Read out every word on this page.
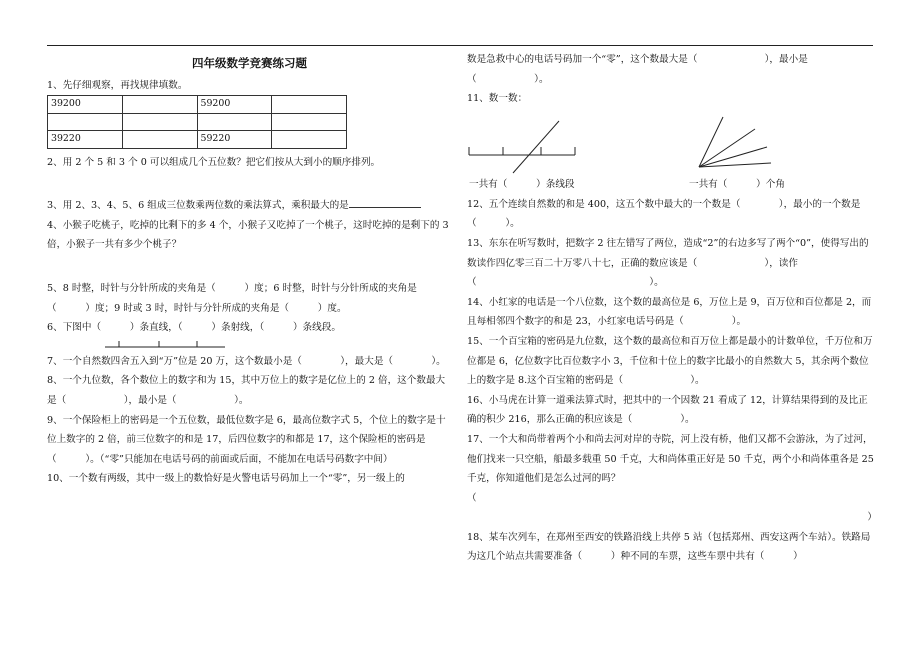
四年级数学竞赛练习题

1、先仔细观察，再找规律填数。

39200		59200	

39220		59220	

2、用 2 个 5 和 3 个 0 可以组成几个五位数？把它们按从大到小的顺序排列。

3、用 2、3、4、5、6 组成三位数乘两位数的乘法算式，乘积最大的是

4、小猴子吃桃子，吃掉的比剩下的多 4 个，小猴子又吃掉了一个桃子，这时吃掉的是剩下的 3 倍，小猴子一共有多少个桃子？

5、8 时整，时针与分针所成的夹角是（　　　）度；6 时整，时针与分针所成的夹角是（　　　）度；9 时或 3 时，时针与分针所成的夹角是（　　　）度。

6、下图中（　　　）条直线，（　　　）条射线，（　　　）条线段。

7、一个自然数四舍五入到“万”位是 20 万，这个数最小是（　　　　），最大是（　　　　）。

8、一个九位数，各个数位上的数字和为 15，其中万位上的数字是亿位上的 2 倍，这个数最大是（　　　　　　），最小是（　　　　　　）。

9、一个保险柜上的密码是一个五位数，最低位数字是 6，最高位数字式 5，个位上的数字是十位上数字的 2 倍，前三位数字的和是 17，后四位数字的和都是 17，这个保险柜的密码是（　　　）。（“零”只能加在电话号码的前面或后面，不能加在电话号码数字中间）

10、一个数有两级，其中一级上的数恰好是火警电话号码加上一个“零”，另一级上的

数是急救中心的电话号码加一个“零”，这个数最大是（　　　　　　　），最小是（　　　　　　）。

11、数一数：

一共有（　　　）条线段	一共有（　　　）个角

12、五个连续自然数的和是 400，这五个数中最大的一个数是（　　　　），最小的一个数是（　　　）。

13、东东在听写数时，把数字 2 往左错写了两位，造成“2”的右边多写了两个“0”，使得写出的数读作四亿零三百二十万零八十七，正确的数应该是（　　　　　　　），读作（　　　　　　　　　　　　　　　　　　）。

14、小红家的电话是一个八位数，这个数的最高位是 6，万位上是 9，百万位和百位都是 2，而且每相邻四个数字的和是 23，小红家电话号码是（　　　　　）。

15、一个百宝箱的密码是九位数，这个数的最高位和百万位上都是最小的计数单位，千万位和万位都是 6，亿位数字比百位数字小 3，千位和十位上的数字比最小的自然数大 5，其余两个数位上的数字是 8.这个百宝箱的密码是（　　　　　　　）。

16、小马虎在计算一道乘法算式时，把其中的一个因数 21 看成了 12，计算结果得到的及比正确的积少 216，那么正确的积应该是（　　　　　）。

17、一个大和尚带着两个小和尚去河对岸的寺院，河上没有桥，他们又都不会游泳，为了过河，他们找来一只空船，船最多载重 50 千克，大和尚体重正好是 50 千克，两个小和尚体重各是 25 千克，你知道他们是怎么过河的吗？

（

）

18、某车次列车，在郑州至西安的铁路沿线上共停 5 站（包括郑州、西安这两个车站）。铁路局为这几个站点共需要准备（　　　）种不同的车票，这些车票中共有（　　　）
